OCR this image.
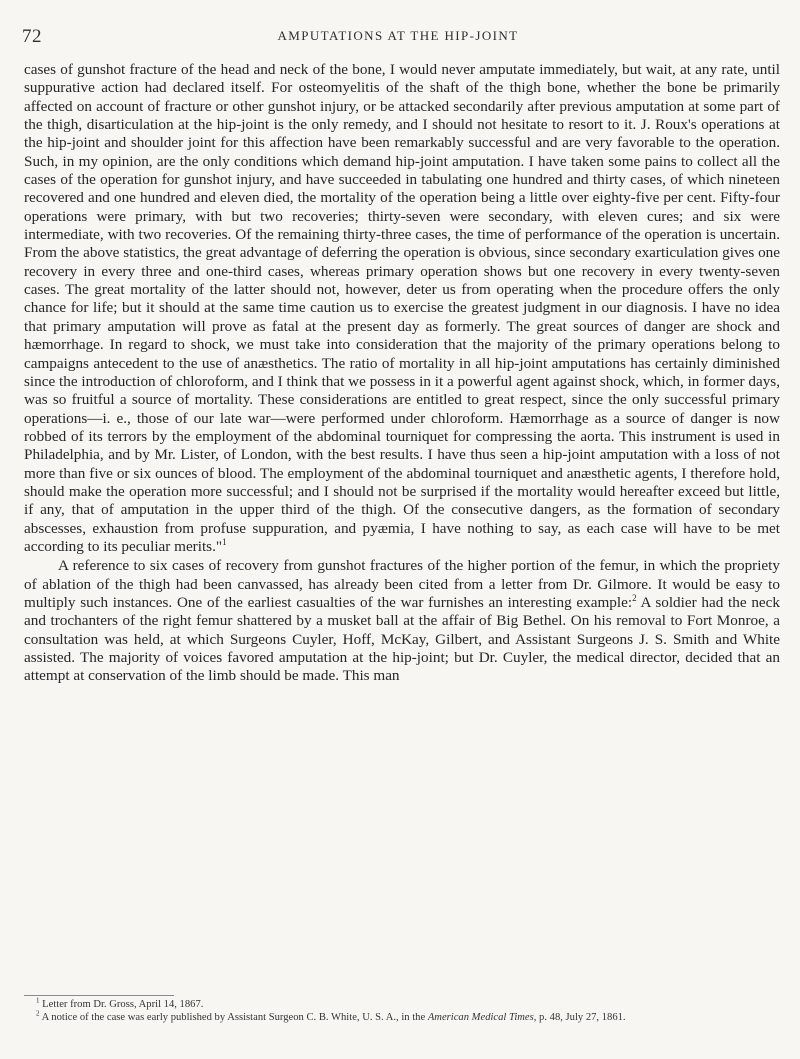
72	AMPUTATIONS AT THE HIP-JOINT

cases of gunshot fracture of the head and neck of the bone, I would never amputate immediately, but wait, at any rate, until suppurative action had declared itself. For osteomyelitis of the shaft of the thigh bone, whether the bone be primarily affected on account of fracture or other gunshot injury, or be attacked secondarily after previous amputation at some part of the thigh, disarticulation at the hip-joint is the only remedy, and I should not hesitate to resort to it. J. Roux's operations at the hip-joint and shoulder joint for this affection have been remarkably successful and are very favorable to the operation. Such, in my opinion, are the only conditions which demand hip-joint amputation. I have taken some pains to collect all the cases of the operation for gunshot injury, and have succeeded in tabulating one hundred and thirty cases, of which nineteen recovered and one hundred and eleven died, the mortality of the operation being a little over eighty-five per cent. Fifty-four operations were primary, with but two recoveries; thirty-seven were secondary, with eleven cures; and six were intermediate, with two recoveries. Of the remaining thirty-three cases, the time of performance of the operation is uncertain. From the above statistics, the great advantage of deferring the operation is obvious, since secondary exarticulation gives one recovery in every three and one-third cases, whereas primary operation shows but one recovery in every twenty-seven cases. The great mortality of the latter should not, however, deter us from operating when the procedure offers the only chance for life; but it should at the same time caution us to exercise the greatest judgment in our diagnosis. I have no idea that primary amputation will prove as fatal at the present day as formerly. The great sources of danger are shock and hæmorrhage. In regard to shock, we must take into consideration that the majority of the primary operations belong to campaigns antecedent to the use of anæsthetics. The ratio of mortality in all hip-joint amputations has certainly diminished since the introduction of chloroform, and I think that we possess in it a powerful agent against shock, which, in former days, was so fruitful a source of mortality. These considerations are entitled to great respect, since the only successful primary operations—i. e., those of our late war—were performed under chloroform. Hæmorrhage as a source of danger is now robbed of its terrors by the employment of the abdominal tourniquet for compressing the aorta. This instrument is used in Philadelphia, and by Mr. Lister, of London, with the best results. I have thus seen a hip-joint amputation with a loss of not more than five or six ounces of blood. The employment of the abdominal tourniquet and anæsthetic agents, I therefore hold, should make the operation more successful; and I should not be surprised if the mortality would hereafter exceed but little, if any, that of amputation in the upper third of the thigh. Of the consecutive dangers, as the formation of secondary abscesses, exhaustion from profuse suppuration, and pyæmia, I have nothing to say, as each case will have to be met according to its peculiar merits."$^1$

A reference to six cases of recovery from gunshot fractures of the higher portion of the femur, in which the propriety of ablation of the thigh had been canvassed, has already been cited from a letter from Dr. Gilmore. It would be easy to multiply such instances. One of the earliest casualties of the war furnishes an interesting example:$^2$ A soldier had the neck and trochanters of the right femur shattered by a musket ball at the affair of Big Bethel. On his removal to Fort Monroe, a consultation was held, at which Surgeons Cuyler, Hoff, McKay, Gilbert, and Assistant Surgeons J. S. Smith and White assisted. The majority of voices favored amputation at the hip-joint; but Dr. Cuyler, the medical director, decided that an attempt at conservation of the limb should be made. This man

$^1$ Letter from Dr. Gross, April 14, 1867.

$^2$ A notice of the case was early published by Assistant Surgeon C. B. White, U. S. A., in the American Medical Times, p. 48, July 27, 1861.
